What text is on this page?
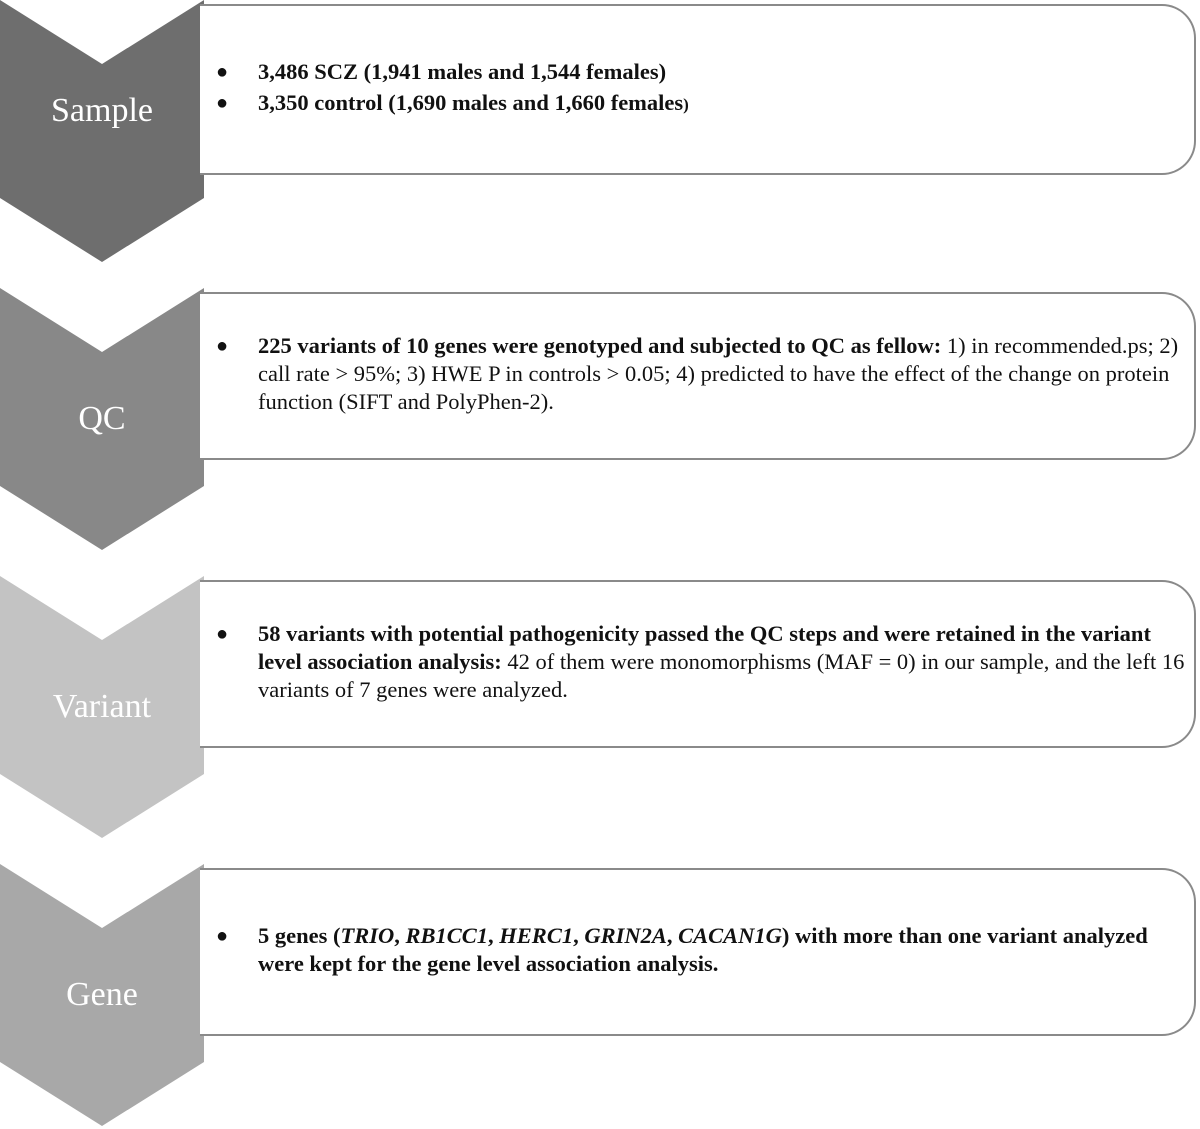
Sample
●	3,486 SCZ (1,941 males and 1,544 females)
●	3,350 control (1,690 males and 1,660 females)
QC
●	225 variants of 10 genes were genotyped and subjected to QC as fellow: 1) in recommended.ps; 2) call rate > 95%; 3) HWE P in controls > 0.05; 4) predicted to have the effect of the change on protein function (SIFT and PolyPhen-2).
Variant
●	58 variants with potential pathogenicity passed the QC steps and were retained in the variant level association analysis: 42 of them were monomorphisms (MAF = 0) in our sample, and the left 16 variants of 7 genes were analyzed.
Gene
●	5 genes (TRIO, RB1CC1, HERC1, GRIN2A, CACAN1G) with more than one variant analyzed were kept for the gene level association analysis.
